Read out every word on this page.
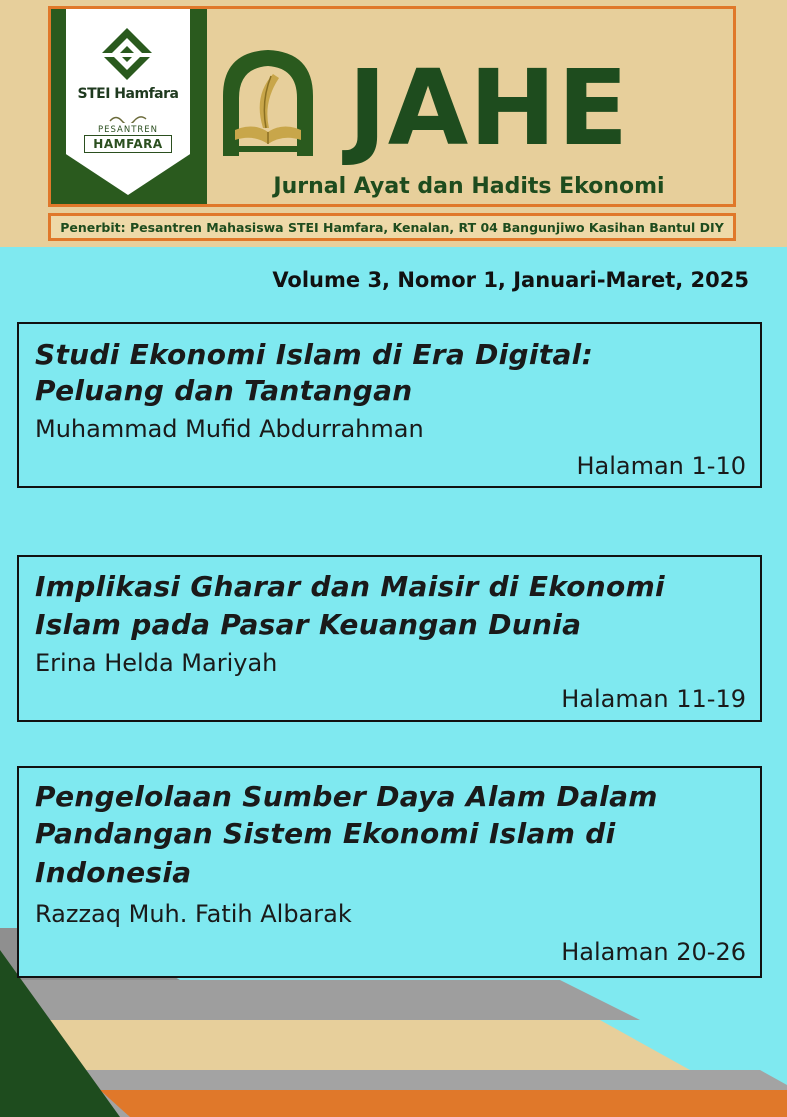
STEI Hamfara
PESANTREN
HAMFARA JAHE
Jurnal Ayat dan Hadits Ekonomi
Penerbit: Pesantren Mahasiswa STEI Hamfara, Kenalan, RT 04 Bangunjiwo Kasihan Bantul DIY
Volume 3, Nomor 1, Januari-Maret, 2025
Studi Ekonomi Islam di Era Digital:
Peluang dan Tantangan
Muhammad Mufid Abdurrahman
Halaman 1-10
Implikasi Gharar dan Maisir di Ekonomi
Islam pada Pasar Keuangan Dunia
Erina Helda Mariyah
Halaman 11-19
Pengelolaan Sumber Daya Alam Dalam
Pandangan Sistem Ekonomi Islam di
Indonesia
Razzaq Muh. Fatih Albarak
Halaman 20-26
